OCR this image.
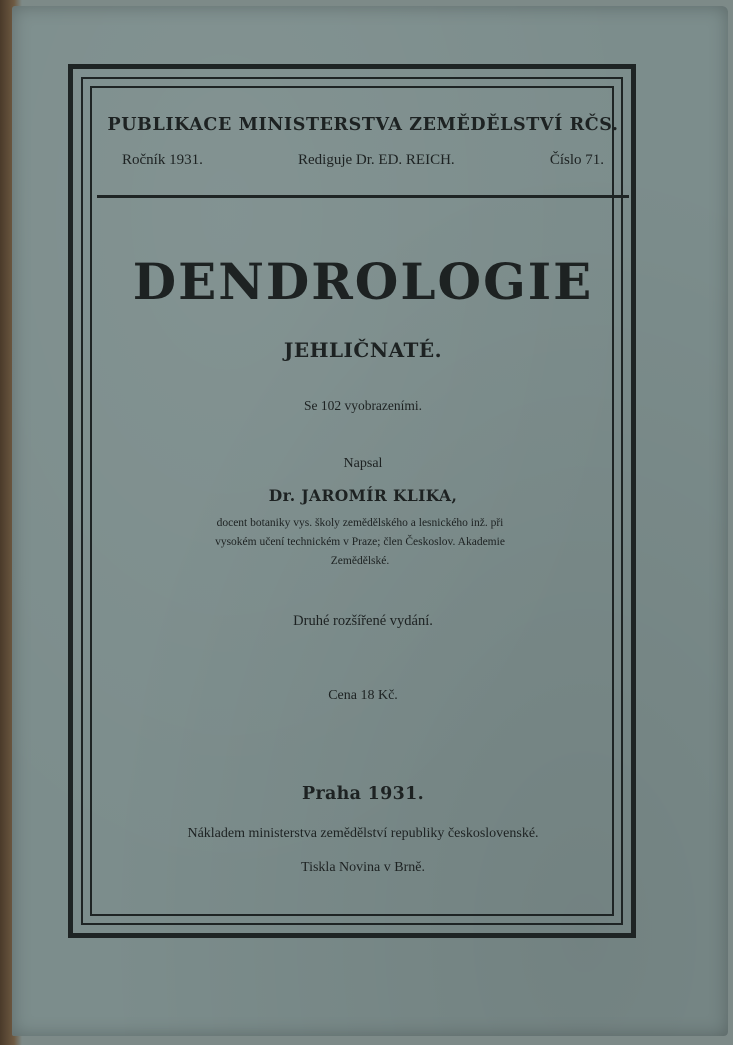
PUBLIKACE MINISTERSTVA ZEMĚDĚLSTVÍ RČS.
Ročník 1931.	Rediguje Dr. ED. REICH.	Číslo 71.
DENDROLOGIE
JEHLIČNATÉ.
Se 102 vyobrazeními.
Napsal
Dr. JAROMÍR KLIKA,
docent botaniky vys. školy zemědělského a lesnického inž. při
vysokém učení technickém v Praze; člen Českoslov. Akademie
Zemědělské.
Druhé rozšířené vydání.
Cena 18 Kč.
Praha 1931.
Nákladem ministerstva zemědělství republiky československé.
Tiskla Novina v Brně.
